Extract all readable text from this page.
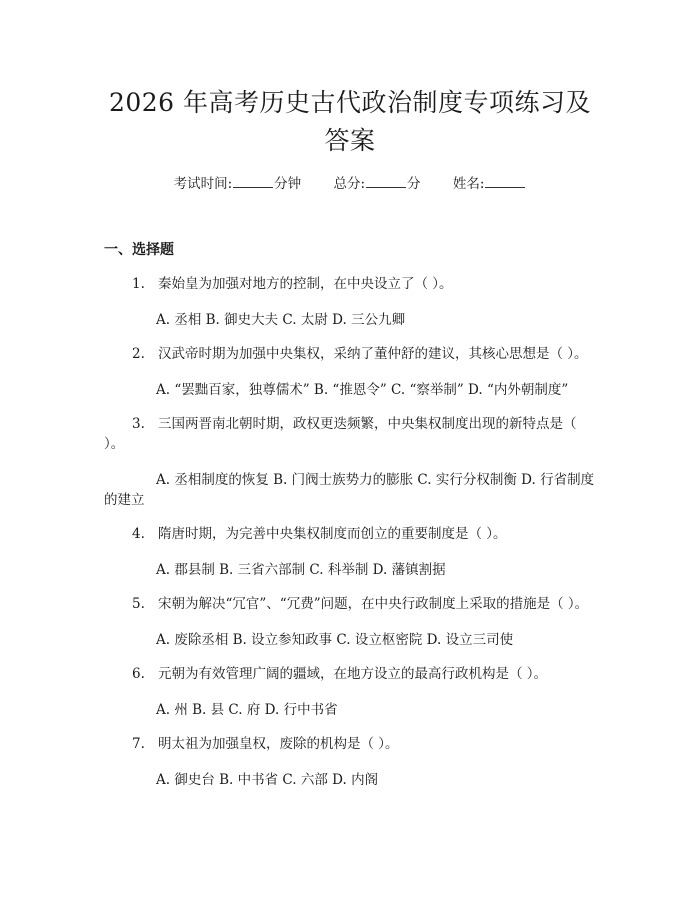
2026 年高考历史古代政治制度专项练习及答案
考试时间:	分钟 总分:	分 姓名:
一、选择题
1. 秦始皇为加强对地方的控制，在中央设立了（ ）。
A. 丞相 B. 御史大夫 C. 太尉 D. 三公九卿
2. 汉武帝时期为加强中央集权，采纳了董仲舒的建议，其核心思想是（ ）。
A. “罢黜百家，独尊儒术” B. “推恩令” C. “察举制” D. “内外朝制度”
3. 三国两晋南北朝时期，政权更迭频繁，中央集权制度出现的新特点是（ ）。
A. 丞相制度的恢复 B. 门阀士族势力的膨胀 C. 实行分权制衡 D. 行省制度的建立
4. 隋唐时期，为完善中央集权制度而创立的重要制度是（ ）。
A. 郡县制 B. 三省六部制 C. 科举制 D. 藩镇割据
5. 宋朝为解决“冗官”、“冗费”问题，在中央行政制度上采取的措施是（ ）。
A. 废除丞相 B. 设立参知政事 C. 设立枢密院 D. 设立三司使
6. 元朝为有效管理广阔的疆域，在地方设立的最高行政机构是（ ）。
A. 州 B. 县 C. 府 D. 行中书省
7. 明太祖为加强皇权，废除的机构是（ ）。
A. 御史台 B. 中书省 C. 六部 D. 内阁
